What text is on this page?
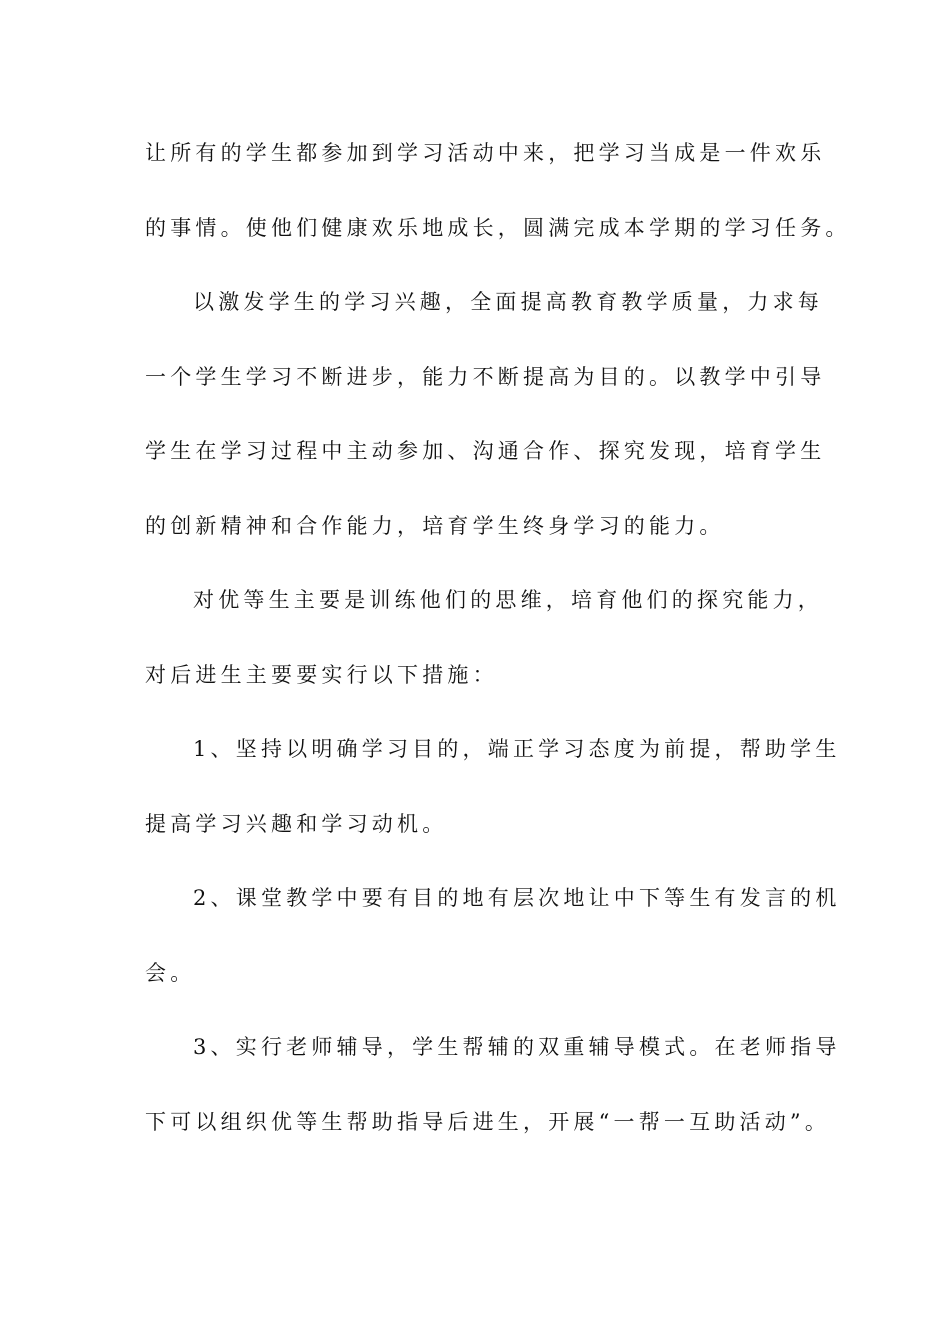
让所有的学生都参加到学习活动中来，把学习当成是一件欢乐
的事情。使他们健康欢乐地成长，圆满完成本学期的学习任务。
以激发学生的学习兴趣，全面提高教育教学质量，力求每
一个学生学习不断进步，能力不断提高为目的。以教学中引导
学生在学习过程中主动参加、沟通合作、探究发现，培育学生
的创新精神和合作能力，培育学生终身学习的能力。
对优等生主要是训练他们的思维，培育他们的探究能力，
对后进生主要要实行以下措施：
1、坚持以明确学习目的，端正学习态度为前提，帮助学生
提高学习兴趣和学习动机。
2、课堂教学中要有目的地有层次地让中下等生有发言的机
会。
3、实行老师辅导，学生帮辅的双重辅导模式。在老师指导
下可以组织优等生帮助指导后进生，开展“一帮一互助活动”。
